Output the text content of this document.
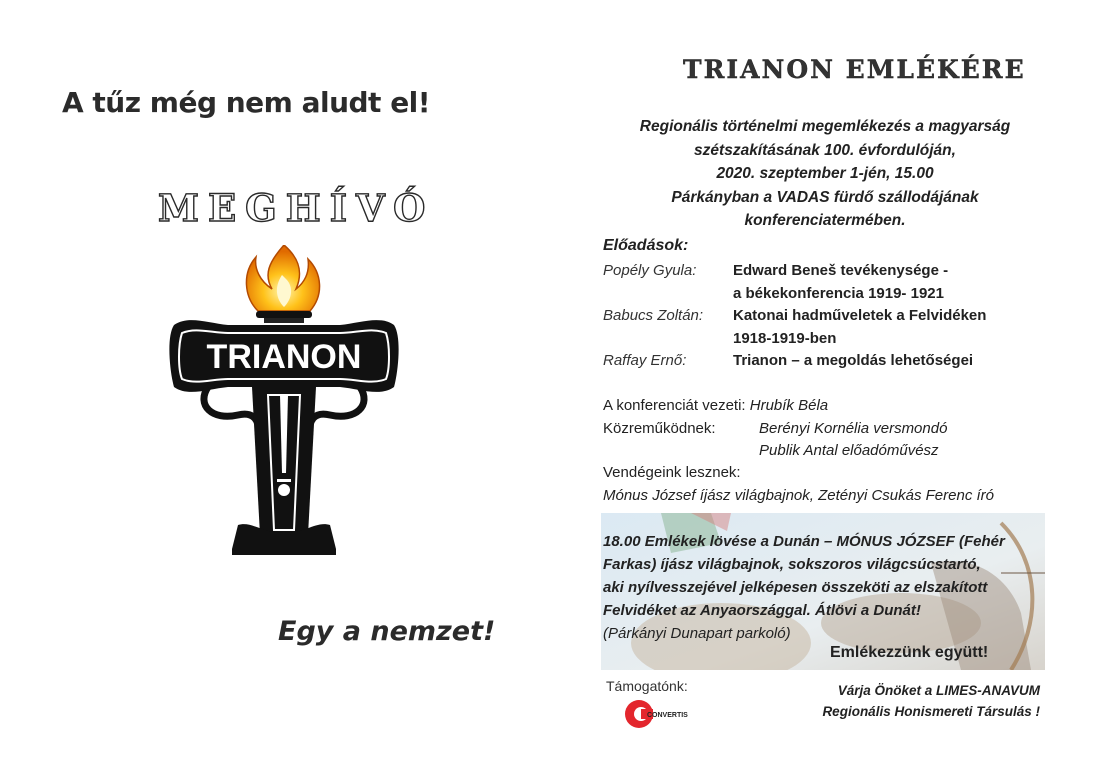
A tűz még nem aludt el!
MEGHÍVÓ
TRIANON
Egy a nemzet!
TRIANON EMLÉKÉRE
Regionális történelmi megemlékezés a magyarság
szétszakításának 100. évfordulóján,
2020. szeptember 1-jén, 15.00
Párkányban a VADAS fürdő szállodájának
konferenciatermében.
Előadások:
Popély Gyula: Edward Beneš tevékenysége -
a békekonferencia 1919- 1921
Babucs Zoltán: Katonai hadműveletek a Felvidéken
1918-1919-ben
Raffay Ernő:	Trianon – a megoldás lehetőségei
A konferenciát vezeti: Hrubík Béla
Közreműködnek:	Berényi Kornélia versmondó
Publik Antal előadóművész
Vendégeink lesznek:
Mónus József íjász világbajnok, Zetényi Csukás Ferenc író
18.00 Emlékek lövése a Dunán – MÓNUS JÓZSEF (Fehér
Farkas) íjász világbajnok, sokszoros világcsúcstartó,
aki nyílvesszejével jelképesen összeköti az elszakított
Felvidéket az Anyaországgal. Átlövi a Dunát!
(Párkányi Dunapart parkoló)
Emlékezzünk együtt!
Támogatónk:
CONVERTIS
Várja Önöket a LIMES-ANAVUM
Regionális Honismereti Társulás !
